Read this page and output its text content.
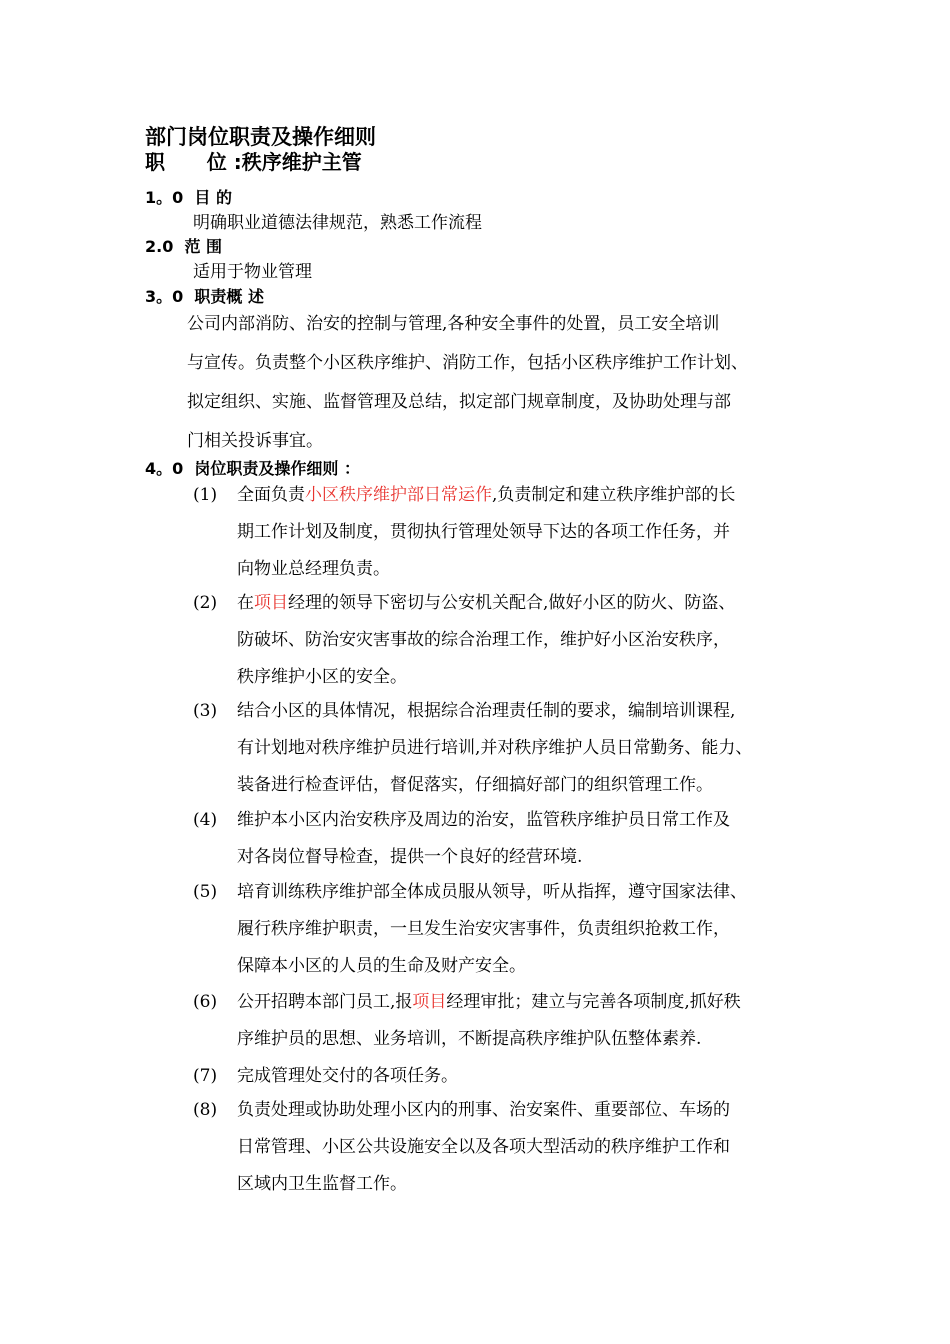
部门岗位职责及操作细则
职      位 :秩序维护主管
1。0  目 的
明确职业道德法律规范，熟悉工作流程
2.0  范 围
适用于物业管理
3。0  职责概 述
公司内部消防、治安的控制与管理,各种安全事件的处置，员工安全培训
与宣传。负责整个小区秩序维护、消防工作，包括小区秩序维护工作计划、
拟定组织、实施、监督管理及总结，拟定部门规章制度，及协助处理与部
门相关投诉事宜。
4。0  岗位职责及操作细则 ：
(1) 全面负责小区秩序维护部日常运作,负责制定和建立秩序维护部的长
期工作计划及制度，贯彻执行管理处领导下达的各项工作任务，并
向物业总经理负责。
(2) 在项目经理的领导下密切与公安机关配合,做好小区的防火、防盗、
防破坏、防治安灾害事故的综合治理工作，维护好小区治安秩序，
秩序维护小区的安全。
(3) 结合小区的具体情况，根据综合治理责任制的要求，编制培训课程,
有计划地对秩序维护员进行培训,并对秩序维护人员日常勤务、能力、
装备进行检查评估，督促落实，仔细搞好部门的组织管理工作。
(4) 维护本小区内治安秩序及周边的治安，监管秩序维护员日常工作及
对各岗位督导检查，提供一个良好的经营环境.
(5) 培育训练秩序维护部全体成员服从领导，听从指挥，遵守国家法律、
履行秩序维护职责，一旦发生治安灾害事件，负责组织抢救工作，
保障本小区的人员的生命及财产安全。
(6) 公开招聘本部门员工,报项目经理审批；建立与完善各项制度,抓好秩
序维护员的思想、业务培训，不断提高秩序维护队伍整体素养.
(7) 完成管理处交付的各项任务。
(8) 负责处理或协助处理小区内的刑事、治安案件、重要部位、车场的
日常管理、小区公共设施安全以及各项大型活动的秩序维护工作和
区域内卫生监督工作。
